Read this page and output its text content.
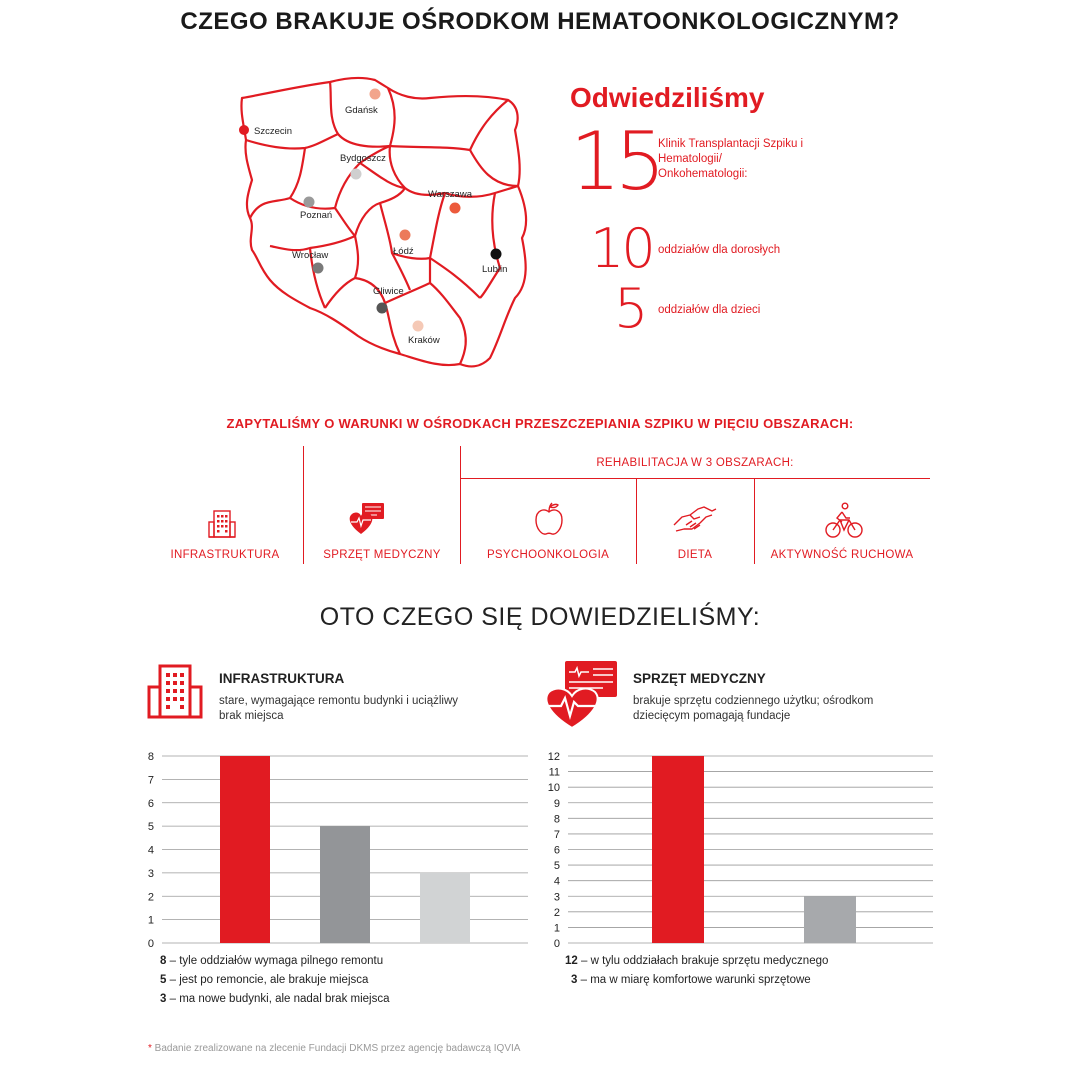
CZEGO BRAKUJE OŚRODKOM HEMATOONKOLOGICZNYM?
Gdańsk
Szczecin
Bydgoszcz
Poznań
Warszawa
Łódź
Lublin
Wrocław
Gliwice
Kraków
Odwiedziliśmy
15
Klinik Transplantacji Szpiku i Hematologii/ Onkohematologii:
10 oddziałów dla dorosłych
5 oddziałów dla dzieci
ZAPYTALIŚMY O WARUNKI W OŚRODKACH PRZESZCZEPIANIA SZPIKU W PIĘCIU OBSZARACH:
REHABILITACJA W 3 OBSZARACH:
INFRASTRUKTURA	SPRZĘT MEDYCZNY	PSYCHOONKOLOGIA	DIETA	AKTYWNOŚĆ RUCHOWA
OTO CZEGO SIĘ DOWIEDZIELIŚMY:
INFRASTRUKTURA
stare, wymagające remontu budynki i uciążliwy
brak miejsca
SPRZĘT MEDYCZNY
brakuje sprzętu codziennego użytku; ośrodkom
dziecięcym pomagają fundacje
0
1
2
3
4
5
6
7
8
0
1
2
3
4
5
6
7
8
9
10
11
12
8 – tyle oddziałów wymaga pilnego remontu
5 – jest po remoncie, ale brakuje miejsca
3 – ma nowe budynki, ale nadal brak miejsca
12 – w tylu oddziałach brakuje sprzętu medycznego
3 – ma w miarę komfortowe warunki sprzętowe
* Badanie zrealizowane na zlecenie Fundacji DKMS przez agencję badawczą IQVIA
